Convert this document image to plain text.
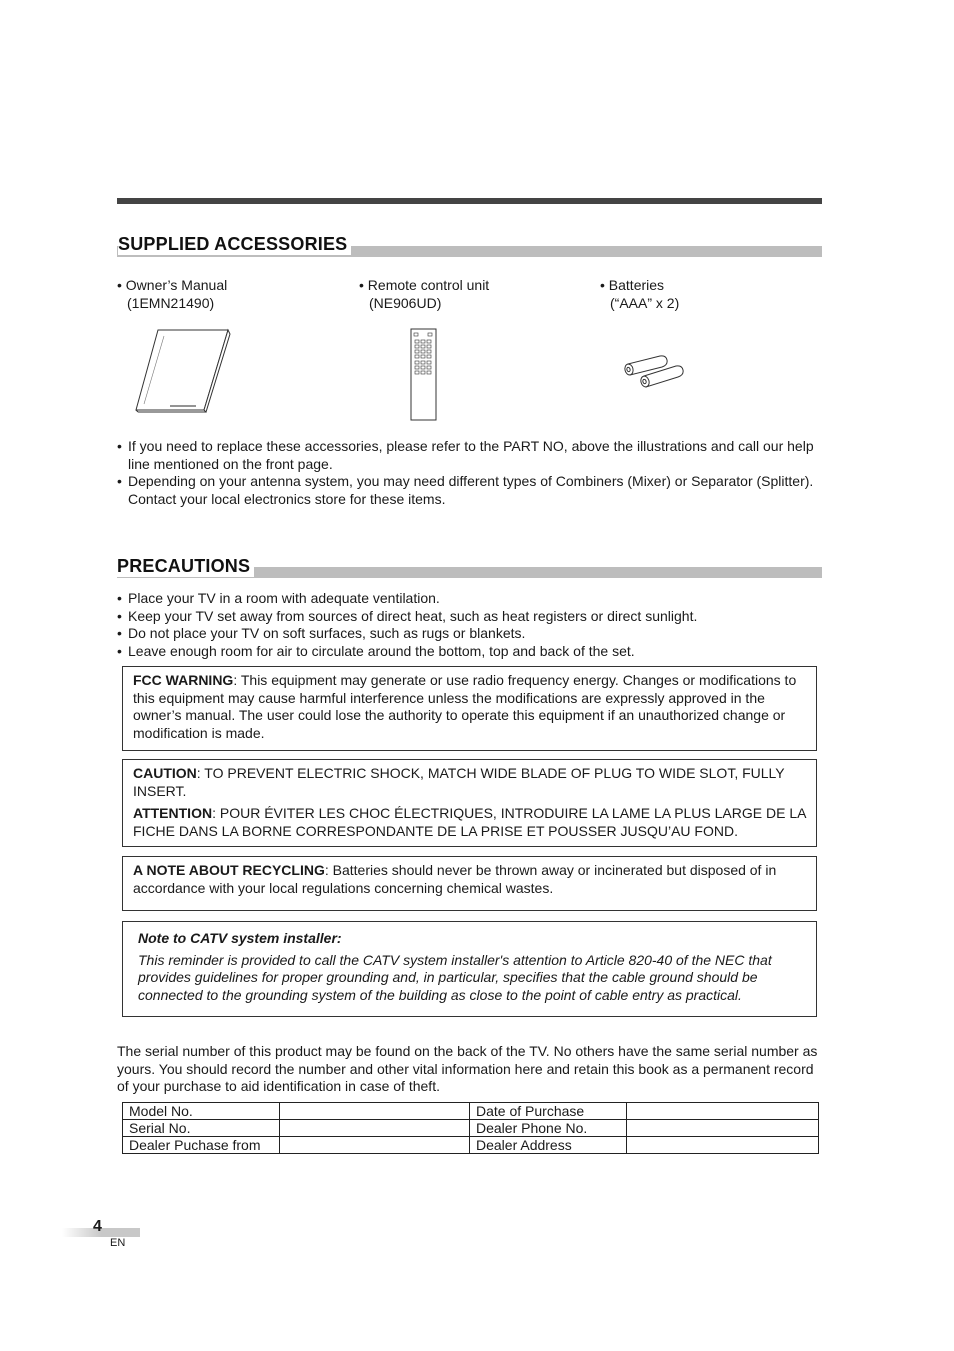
SUPPLIED ACCESSORIES
• Owner’s Manual
(1EMN21490)
• Remote control unit
(NE906UD)
• Batteries
(“AAA” x 2)
• If you need to replace these accessories, please refer to the PART NO, above the illustrations and call our help line mentioned on the front page.
• Depending on your antenna system, you may need different types of Combiners (Mixer) or Separator (Splitter). Contact your local electronics store for these items.
PRECAUTIONS
• Place your TV in a room with adequate ventilation.
• Keep your TV set away from sources of direct heat, such as heat registers or direct sunlight.
• Do not place your TV on soft surfaces, such as rugs or blankets.
• Leave enough room for air to circulate around the bottom, top and back of the set.

FCC WARNING: This equipment may generate or use radio frequency energy. Changes or modifications to this equipment may cause harmful interference unless the modifications are expressly approved in the owner’s manual. The user could lose the authority to operate this equipment if an unauthorized change or modification is made.

CAUTION: TO PREVENT ELECTRIC SHOCK, MATCH WIDE BLADE OF PLUG TO WIDE SLOT, FULLY INSERT.

ATTENTION: POUR ÉVITER LES CHOC ÉLECTRIQUES, INTRODUIRE LA LAME LA PLUS LARGE DE LA FICHE DANS LA BORNE CORRESPONDANTE DE LA PRISE ET POUSSER JUSQU’AU FOND.

A NOTE ABOUT RECYCLING: Batteries should never be thrown away or incinerated but disposed of in accordance with your local regulations concerning chemical wastes.

Note to CATV system installer:

This reminder is provided to call the CATV system installer's attention to Article 820-40 of the NEC that provides guidelines for proper grounding and, in particular, specifies that the cable ground should be connected to the grounding system of the building as close to the point of cable entry as practical.

The serial number of this product may be found on the back of the TV. No others have the same serial number as yours. You should record the number and other vital information here and retain this book as a permanent record of your purchase to aid identification in case of theft.
Model No.		Date of Purchase	
Serial No.		Dealer Phone No.	
Dealer Puchase from		Dealer Address	
4
EN
